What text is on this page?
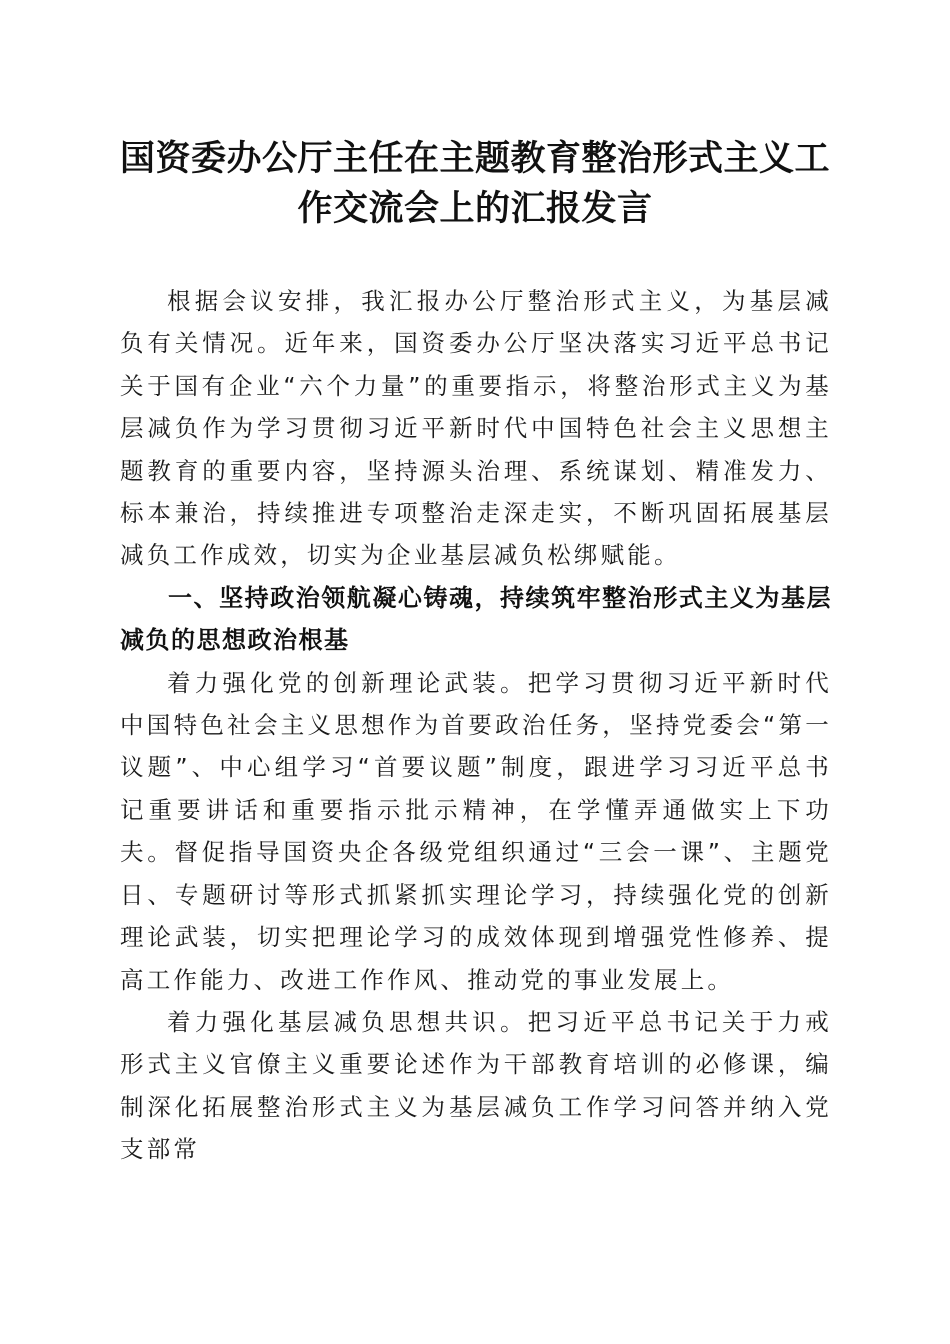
国资委办公厅主任在主题教育整治形式主义工
作交流会上的汇报发言

根据会议安排，我汇报办公厅整治形式主义，为基层减负有关情况。近年来，国资委办公厅坚决落实习近平总书记关于国有企业“六个力量”的重要指示，将整治形式主义为基层减负作为学习贯彻习近平新时代中国特色社会主义思想主题教育的重要内容，坚持源头治理、系统谋划、精准发力、标本兼治，持续推进专项整治走深走实，不断巩固拓展基层减负工作成效，切实为企业基层减负松绑赋能。

一、坚持政治领航凝心铸魂，持续筑牢整治形式主义为基层减负的思想政治根基

着力强化党的创新理论武装。把学习贯彻习近平新时代中国特色社会主义思想作为首要政治任务，坚持党委会“第一议题”、中心组学习“首要议题”制度，跟进学习习近平总书记重要讲话和重要指示批示精神，在学懂弄通做实上下功夫。督促指导国资央企各级党组织通过“三会一课”、主题党日、专题研讨等形式抓紧抓实理论学习，持续强化党的创新理论武装，切实把理论学习的成效体现到增强党性修养、提高工作能力、改进工作作风、推动党的事业发展上。

着力强化基层减负思想共识。把习近平总书记关于力戒形式主义官僚主义重要论述作为干部教育培训的必修课，编制深化拓展整治形式主义为基层减负工作学习问答并纳入党支部常
